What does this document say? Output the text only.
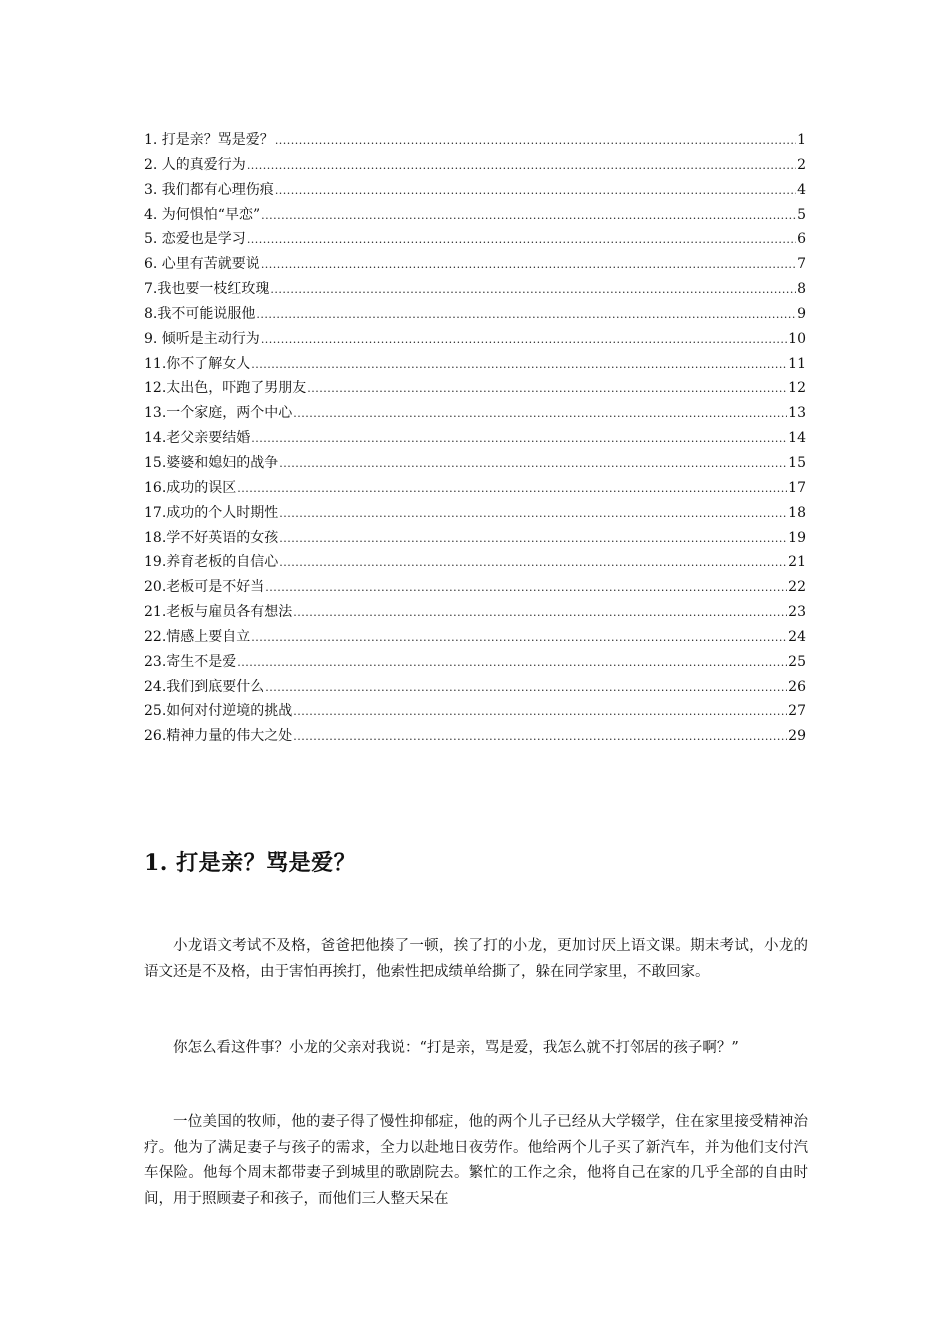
1. 打是亲？骂是爱？ .....	1
2. 人的真爱行为 .....	2
3. 我们都有心理伤痕 .....	4
4. 为何惧怕“早恋” .....	5
5. 恋爱也是学习 .....	6
6. 心里有苦就要说 .....	7
7.我也要一枝红玫瑰 .....	8
8.我不可能说服他 .....	9
9. 倾听是主动行为 .....	10
11.你不了解女人 .....	11
12.太出色，吓跑了男朋友 .....	12
13.一个家庭，两个中心 .....	13
14.老父亲要结婚 .....	14
15.婆婆和媳妇的战争 .....	15
16.成功的误区 .....	17
17.成功的个人时期性 .....	18
18.学不好英语的女孩 .....	19
19.养育老板的自信心 .....	21
20.老板可是不好当 .....	22
21.老板与雇员各有想法 .....	23
22.情感上要自立 .....	24
23.寄生不是爱 .....	25
24.我们到底要什么 .....	26
25.如何对付逆境的挑战 .....	27
26.精神力量的伟大之处 .....	29
1. 打是亲？骂是爱？

小龙语文考试不及格，爸爸把他揍了一顿，挨了打的小龙，更加讨厌上语文课。期末考试，小龙的语文还是不及格，由于害怕再挨打，他索性把成绩单给撕了，躲在同学家里，不敢回家。

你怎么看这件事？小龙的父亲对我说：“打是亲，骂是爱，我怎么就不打邻居的孩子啊？”

一位美国的牧师，他的妻子得了慢性抑郁症，他的两个儿子已经从大学辍学，住在家里接受精神治疗。他为了满足妻子与孩子的需求，全力以赴地日夜劳作。他给两个儿子买了新汽车，并为他们支付汽车保险。他每个周末都带妻子到城里的歌剧院去。繁忙的工作之余，他将自己在家的几乎全部的自由时间，用于照顾妻子和孩子，而他们三人整天呆在
